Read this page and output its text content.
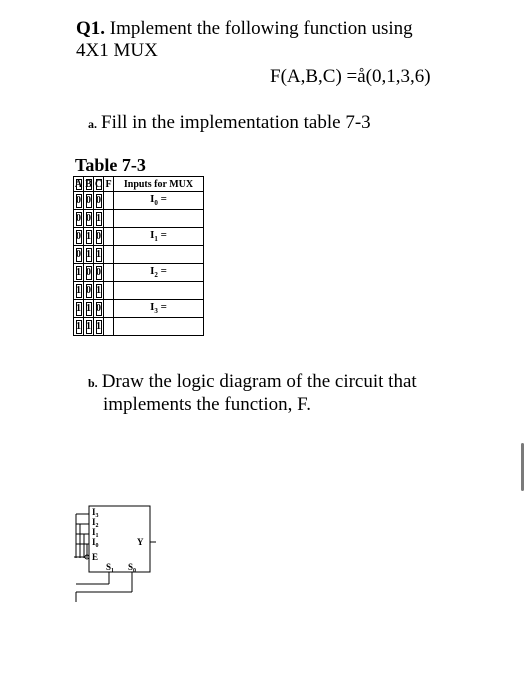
Q1. Implement the following function using
4X1 MUX
F(A,B,C) =å(0,1,3,6)
a. Fill in the implementation table 7-3
Table 7-3
A	B	C	F	Inputs for MUX
0	0	0		$I_0$ =
0	0	1		
0	1	0		$I_1$ =
0	1	1		
1	0	0		$I_2$ =
1	0	1		
1	1	0		$I_3$ =
1	1	1		
b. Draw the logic diagram of the circuit that
implements the function, F.
$I_3$
$I_2$
$I_1$
$I_0$
E
Y
$S_1$ $S_0$
